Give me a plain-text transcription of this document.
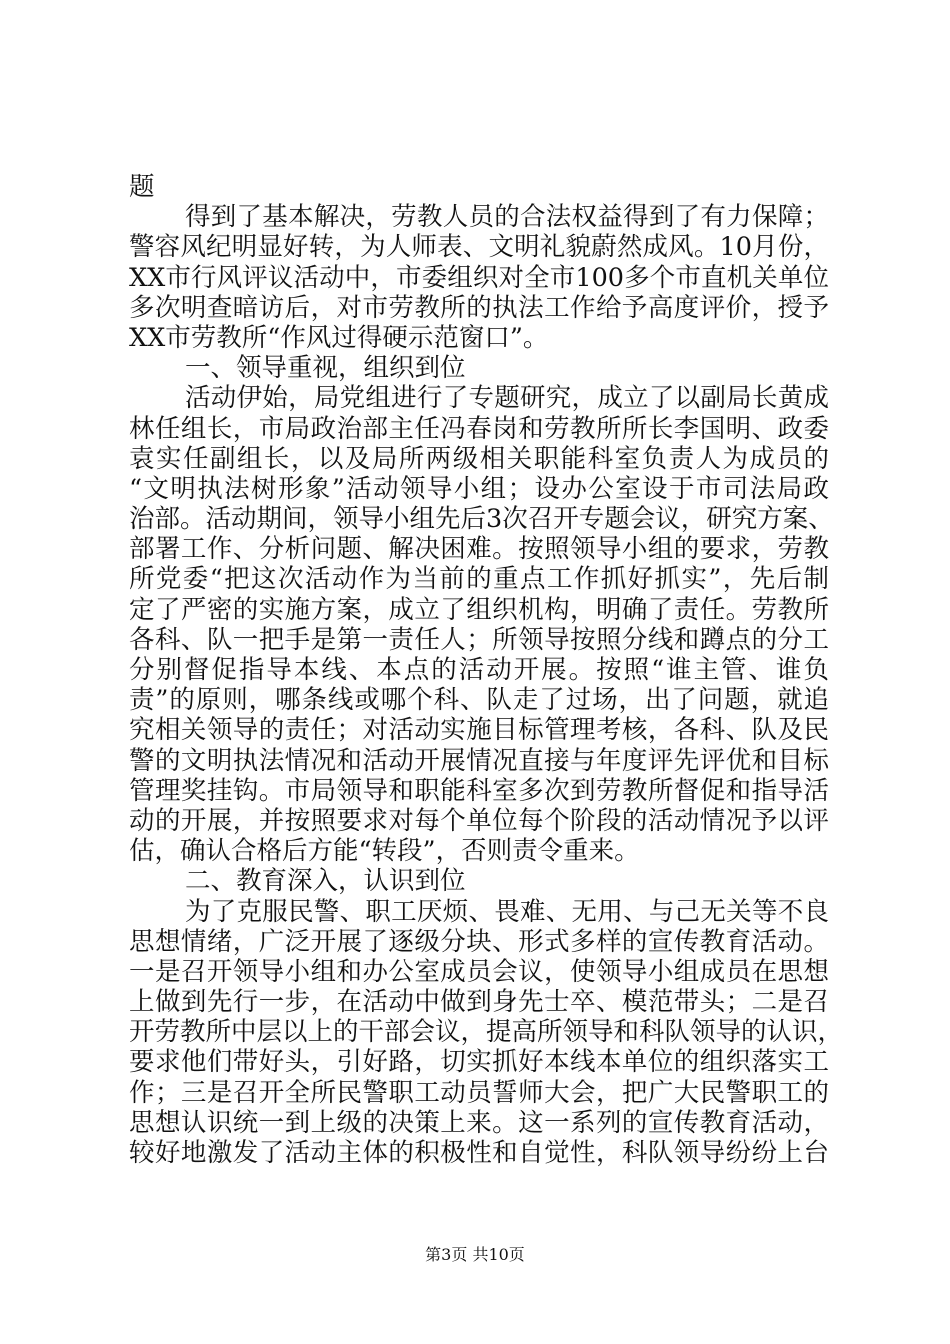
题
得到了基本解决，劳教人员的合法权益得到了有力保障；
警容风纪明显好转，为人师表、文明礼貌蔚然成风。10月份，
XX市行风评议活动中，市委组织对全市100多个市直机关单位
多次明查暗访后，对市劳教所的执法工作给予高度评价，授予
XX市劳教所“作风过得硬示范窗口”。
一、领导重视，组织到位
活动伊始，局党组进行了专题研究，成立了以副局长黄成
林任组长，市局政治部主任冯春岗和劳教所所长李国明、政委
袁实任副组长，以及局所两级相关职能科室负责人为成员的
“文明执法树形象”活动领导小组；设办公室设于市司法局政
治部。活动期间，领导小组先后3次召开专题会议，研究方案、
部署工作、分析问题、解决困难。按照领导小组的要求，劳教
所党委“把这次活动作为当前的重点工作抓好抓实”，先后制
定了严密的实施方案，成立了组织机构，明确了责任。劳教所
各科、队一把手是第一责任人；所领导按照分线和蹲点的分工
分别督促指导本线、本点的活动开展。按照“谁主管、谁负
责”的原则，哪条线或哪个科、队走了过场，出了问题，就追
究相关领导的责任；对活动实施目标管理考核，各科、队及民
警的文明执法情况和活动开展情况直接与年度评先评优和目标
管理奖挂钩。市局领导和职能科室多次到劳教所督促和指导活
动的开展，并按照要求对每个单位每个阶段的活动情况予以评
估，确认合格后方能“转段”，否则责令重来。
二、教育深入，认识到位
为了克服民警、职工厌烦、畏难、无用、与己无关等不良
思想情绪，广泛开展了逐级分块、形式多样的宣传教育活动。
一是召开领导小组和办公室成员会议，使领导小组成员在思想
上做到先行一步，在活动中做到身先士卒、模范带头；二是召
开劳教所中层以上的干部会议，提高所领导和科队领导的认识，
要求他们带好头，引好路，切实抓好本线本单位的组织落实工
作；三是召开全所民警职工动员誓师大会，把广大民警职工的
思想认识统一到上级的决策上来。这一系列的宣传教育活动，
较好地激发了活动主体的积极性和自觉性，科队领导纷纷上台
第3页 共10页
